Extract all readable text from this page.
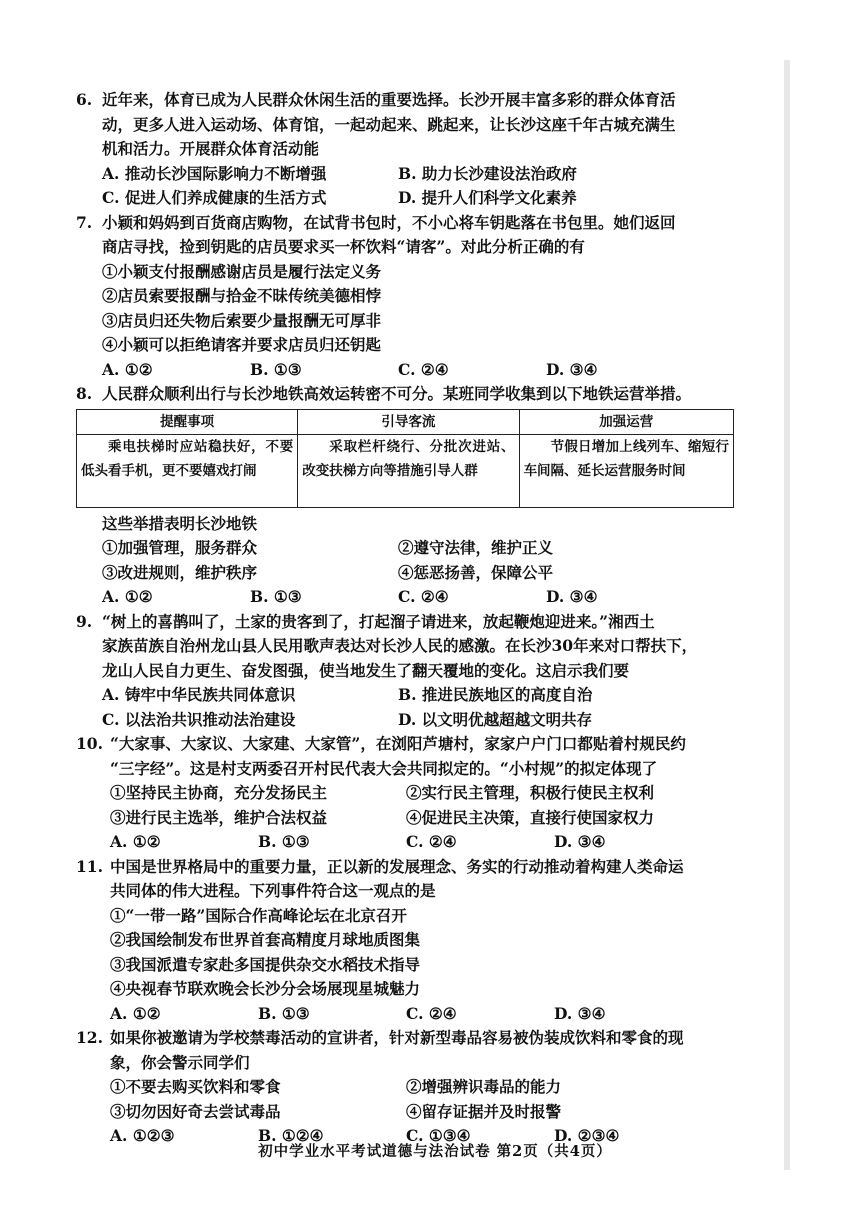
6. 近年来，体育已成为人民群众休闲生活的重要选择。长沙开展丰富多彩的群众体育活
动，更多人进入运动场、体育馆，一起动起来、跳起来，让长沙这座千年古城充满生
机和活力。开展群众体育活动能
A. 推动长沙国际影响力不断增强	B. 助力长沙建设法治政府
C. 促进人们养成健康的生活方式	D. 提升人们科学文化素养
7. 小颖和妈妈到百货商店购物，在试背书包时，不小心将车钥匙落在书包里。她们返回
商店寻找，捡到钥匙的店员要求买一杯饮料“请客”。对此分析正确的有
①小颖支付报酬感谢店员是履行法定义务
②店员索要报酬与拾金不昧传统美德相悖
③店员归还失物后索要少量报酬无可厚非
④小颖可以拒绝请客并要求店员归还钥匙
A. ①②	B. ①③	C. ②④	D. ③④
8. 人民群众顺利出行与长沙地铁高效运转密不可分。某班同学收集到以下地铁运营举措。
提醒事项	引导客流	加强运营
乘电扶梯时应站稳扶好，不要低头看手机，更不要嬉戏打闹	采取栏杆绕行、分批次进站、改变扶梯方向等措施引导人群	节假日增加上线列车、缩短行车间隔、延长运营服务时间
这些举措表明长沙地铁
①加强管理，服务群众	②遵守法律，维护正义
③改进规则，维护秩序	④惩恶扬善，保障公平
A. ①②	B. ①③	C. ②④	D. ③④
9. “树上的喜鹊叫了，土家的贵客到了，打起溜子请进来，放起鞭炮迎进来。”湘西土
家族苗族自治州龙山县人民用歌声表达对长沙人民的感激。在长沙30年来对口帮扶下，
龙山人民自力更生、奋发图强，使当地发生了翻天覆地的变化。这启示我们要
A. 铸牢中华民族共同体意识	B. 推进民族地区的高度自治
C. 以法治共识推动法治建设	D. 以文明优越超越文明共存
10. “大家事、大家议、大家建、大家管”，在浏阳芦塘村，家家户户门口都贴着村规民约
“三字经”。这是村支两委召开村民代表大会共同拟定的。“小村规”的拟定体现了
①坚持民主协商，充分发扬民主	②实行民主管理，积极行使民主权利
③进行民主选举，维护合法权益	④促进民主决策，直接行使国家权力
A. ①②	B. ①③	C. ②④	D. ③④
11. 中国是世界格局中的重要力量，正以新的发展理念、务实的行动推动着构建人类命运
共同体的伟大进程。下列事件符合这一观点的是
①“一带一路”国际合作高峰论坛在北京召开
②我国绘制发布世界首套高精度月球地质图集
③我国派遣专家赴多国提供杂交水稻技术指导
④央视春节联欢晚会长沙分会场展现星城魅力
A. ①②	B. ①③	C. ②④	D. ③④
12. 如果你被邀请为学校禁毒活动的宣讲者，针对新型毒品容易被伪装成饮料和零食的现
象，你会警示同学们
①不要去购买饮料和零食	②增强辨识毒品的能力
③切勿因好奇去尝试毒品	④留存证据并及时报警
A. ①②③	B. ①②④	C. ①③④	D. ②③④
初中学业水平考试道德与法治试卷 第2页（共4页）
